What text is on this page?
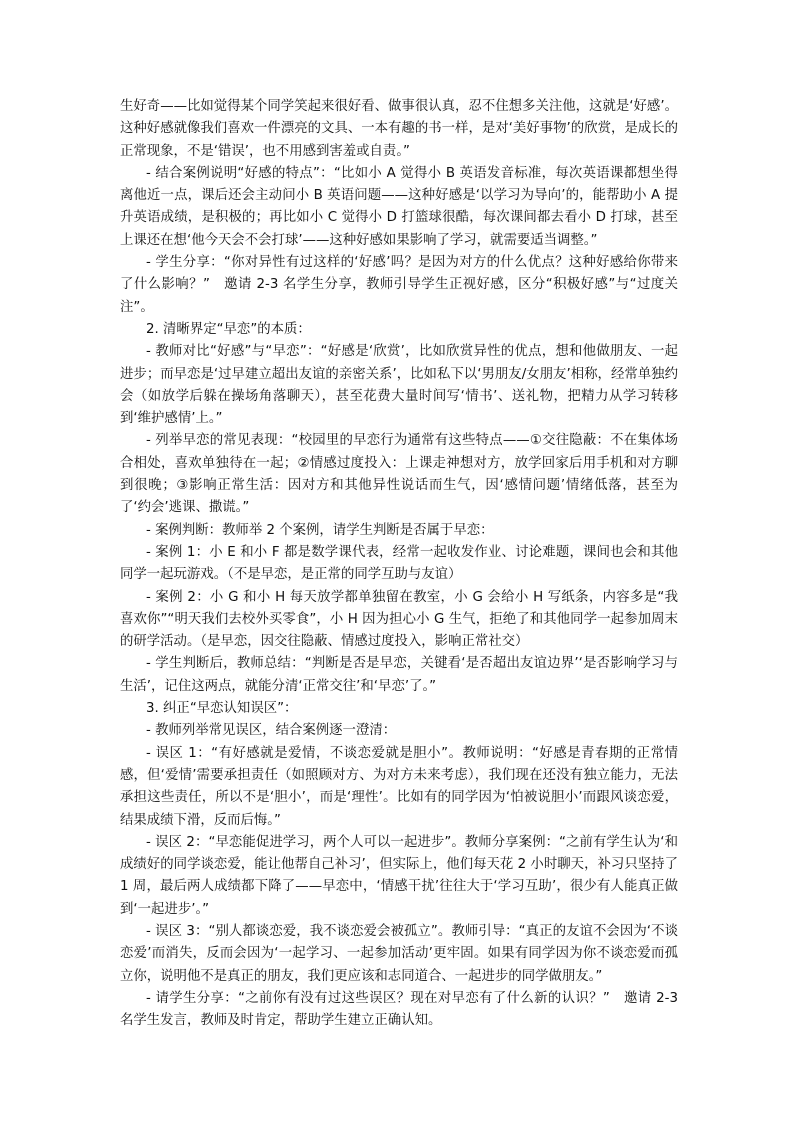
生好奇——比如觉得某个同学笑起来很好看、做事很认真，忍不住想多关注他，这就是‘好感’。这种好感就像我们喜欢一件漂亮的文具、一本有趣的书一样，是对‘美好事物’的欣赏，是成长的正常现象，不是‘错误’，也不用感到害羞或自责。”

- 结合案例说明“好感的特点”：“比如小 A 觉得小 B 英语发音标准，每次英语课都想坐得离他近一点，课后还会主动问小 B 英语问题——这种好感是‘以学习为导向’的，能帮助小 A 提升英语成绩，是积极的；再比如小 C 觉得小 D 打篮球很酷，每次课间都去看小 D 打球，甚至上课还在想‘他今天会不会打球’——这种好感如果影响了学习，就需要适当调整。”

- 学生分享：“你对异性有过这样的‘好感’吗？是因为对方的什么优点？这种好感给你带来了什么影响？”　邀请 2-3 名学生分享，教师引导学生正视好感，区分“积极好感”与“过度关注”。

2. 清晰界定“早恋”的本质：

- 教师对比“好感”与“早恋”：“好感是‘欣赏’，比如欣赏异性的优点，想和他做朋友、一起进步；而早恋是‘过早建立超出友谊的亲密关系’，比如私下以‘男朋友/女朋友’相称，经常单独约会（如放学后躲在操场角落聊天），甚至花费大量时间写‘情书’、送礼物，把精力从学习转移到‘维护感情’上。”

- 列举早恋的常见表现：“校园里的早恋行为通常有这些特点——①交往隐蔽：不在集体场合相处，喜欢单独待在一起；②情感过度投入：上课走神想对方，放学回家后用手机和对方聊到很晚；③影响正常生活：因对方和其他异性说话而生气，因‘感情问题’情绪低落，甚至为了‘约会’逃课、撒谎。”

- 案例判断：教师举 2 个案例，请学生判断是否属于早恋：

- 案例 1：小 E 和小 F 都是数学课代表，经常一起收发作业、讨论难题，课间也会和其他同学一起玩游戏。（不是早恋，是正常的同学互助与友谊）

- 案例 2：小 G 和小 H 每天放学都单独留在教室，小 G 会给小 H 写纸条，内容多是“我喜欢你”“明天我们去校外买零食”，小 H 因为担心小 G 生气，拒绝了和其他同学一起参加周末的研学活动。（是早恋，因交往隐蔽、情感过度投入，影响正常社交）

- 学生判断后，教师总结：“判断是否是早恋，关键看‘是否超出友谊边界’‘是否影响学习与生活’，记住这两点，就能分清‘正常交往’和‘早恋’了。”

3. 纠正“早恋认知误区”：

- 教师列举常见误区，结合案例逐一澄清：

- 误区 1：“有好感就是爱情，不谈恋爱就是胆小”。教师说明：“好感是青春期的正常情感，但‘爱情’需要承担责任（如照顾对方、为对方未来考虑），我们现在还没有独立能力，无法承担这些责任，所以不是‘胆小’，而是‘理性’。比如有的同学因为‘怕被说胆小’而跟风谈恋爱，结果成绩下滑，反而后悔。”

- 误区 2：“早恋能促进学习，两个人可以一起进步”。教师分享案例：“之前有学生认为‘和成绩好的同学谈恋爱，能让他帮自己补习’，但实际上，他们每天花 2 小时聊天，补习只坚持了 1 周，最后两人成绩都下降了——早恋中，‘情感干扰’往往大于‘学习互助’，很少有人能真正做到‘一起进步’。”

- 误区 3：“别人都谈恋爱，我不谈恋爱会被孤立”。教师引导：“真正的友谊不会因为‘不谈恋爱’而消失，反而会因为‘一起学习、一起参加活动’更牢固。如果有同学因为你不谈恋爱而孤立你，说明他不是真正的朋友，我们更应该和志同道合、一起进步的同学做朋友。”

- 请学生分享：“之前你有没有过这些误区？现在对早恋有了什么新的认识？”　邀请 2-3 名学生发言，教师及时肯定，帮助学生建立正确认知。
